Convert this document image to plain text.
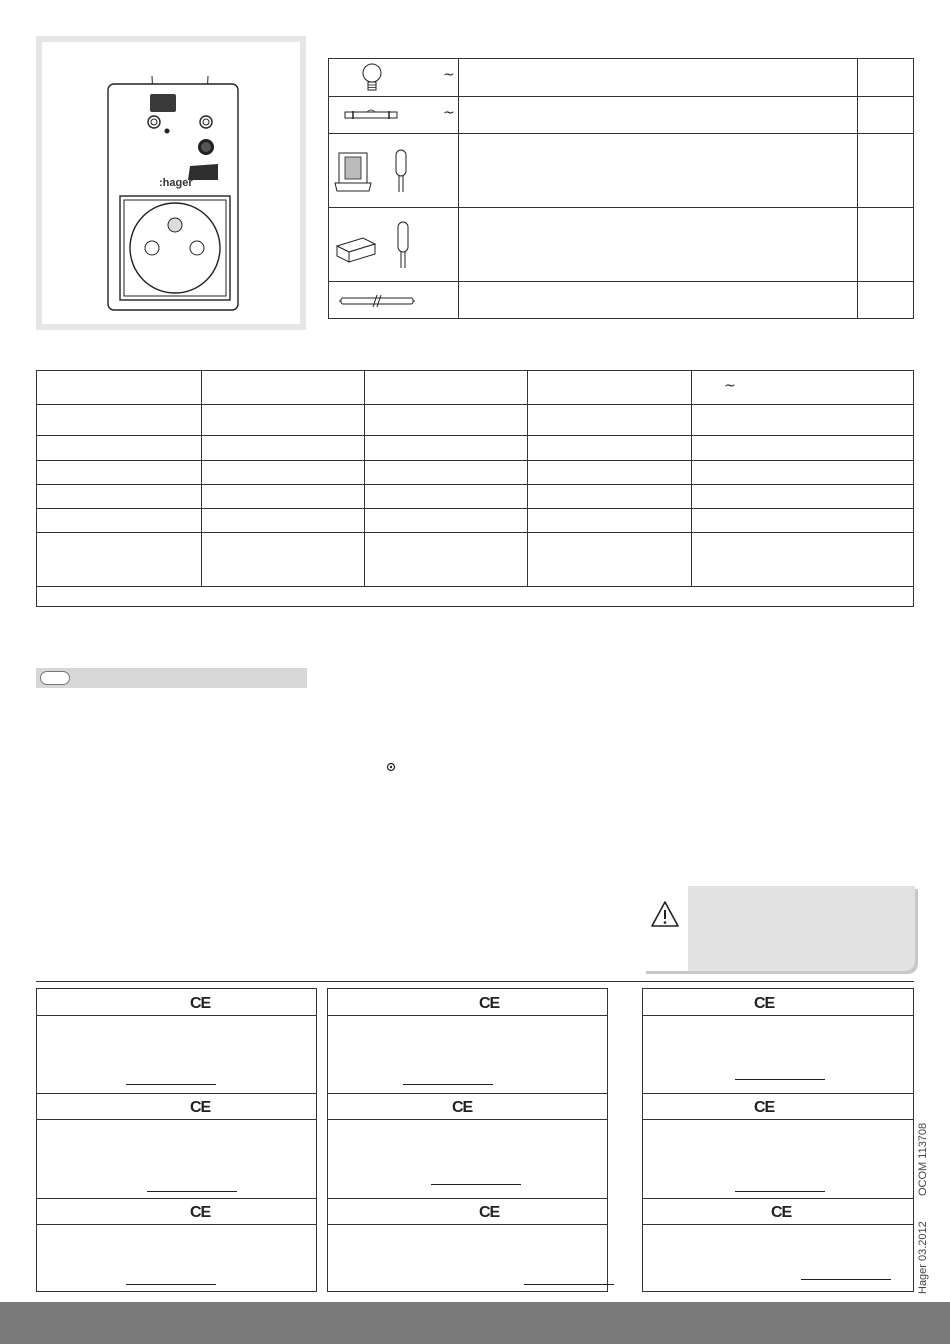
:hager
~
~
~
CE
CE
CE
CE
CE
CE
CE
CE
CE
OCOM 113708
Hager 03.2012
